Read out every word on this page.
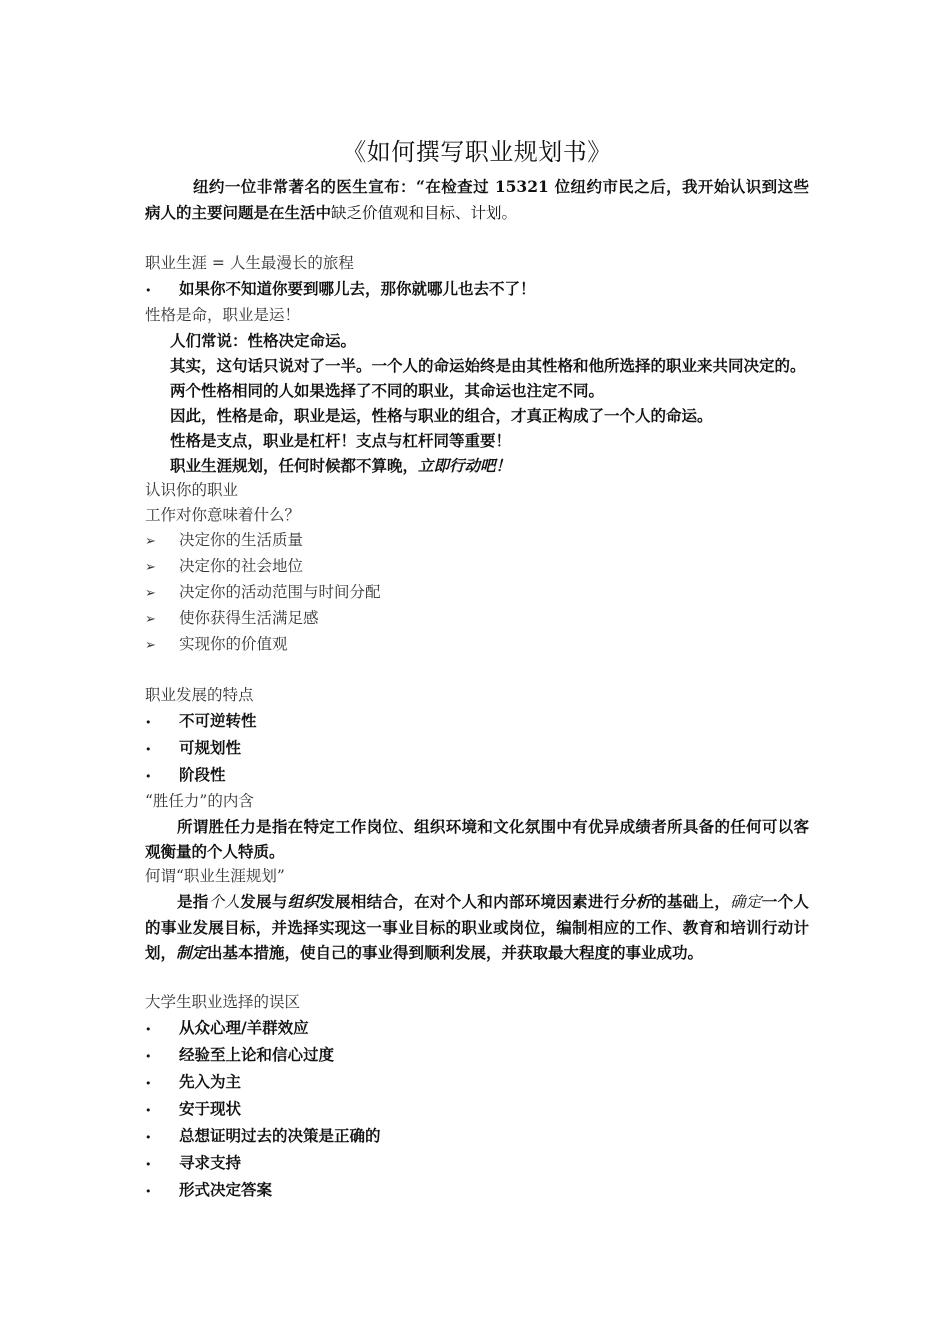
《如何撰写职业规划书》

纽约一位非常著名的医生宣布：“在检查过 15321 位纽约市民之后，我开始认识到这些病人的主要问题是在生活中缺乏价值观和目标、计划。

职业生涯 = 人生最漫长的旅程

•	如果你不知道你要到哪儿去，那你就哪儿也去不了！

性格是命，职业是运！

人们常说：性格决定命运。

其实，这句话只说对了一半。一个人的命运始终是由其性格和他所选择的职业来共同决定的。

两个性格相同的人如果选择了不同的职业，其命运也注定不同。

因此，性格是命，职业是运，性格与职业的组合，才真正构成了一个人的命运。

性格是支点，职业是杠杆！支点与杠杆同等重要！

职业生涯规划，任何时候都不算晚，立即行动吧！

认识你的职业

工作对你意味着什么？

➢	决定你的生活质量
➢	决定你的社会地位
➢	决定你的活动范围与时间分配
➢	使你获得生活满足感
➢	实现你的价值观

职业发展的特点

•	不可逆转性
•	可规划性
•	阶段性

“胜任力”的内含

所谓胜任力是指在特定工作岗位、组织环境和文化氛围中有优异成绩者所具备的任何可以客观衡量的个人特质。

何谓“职业生涯规划”

是指个人发展与组织发展相结合，在对个人和内部环境因素进行分析的基础上，确定一个人的事业发展目标，并选择实现这一事业目标的职业或岗位，编制相应的工作、教育和培训行动计划，制定出基本措施，使自己的事业得到顺利发展，并获取最大程度的事业成功。

大学生职业选择的误区

•	从众心理/羊群效应
•	经验至上论和信心过度
•	先入为主
•	安于现状
•	总想证明过去的决策是正确的
•	寻求支持
•	形式决定答案
